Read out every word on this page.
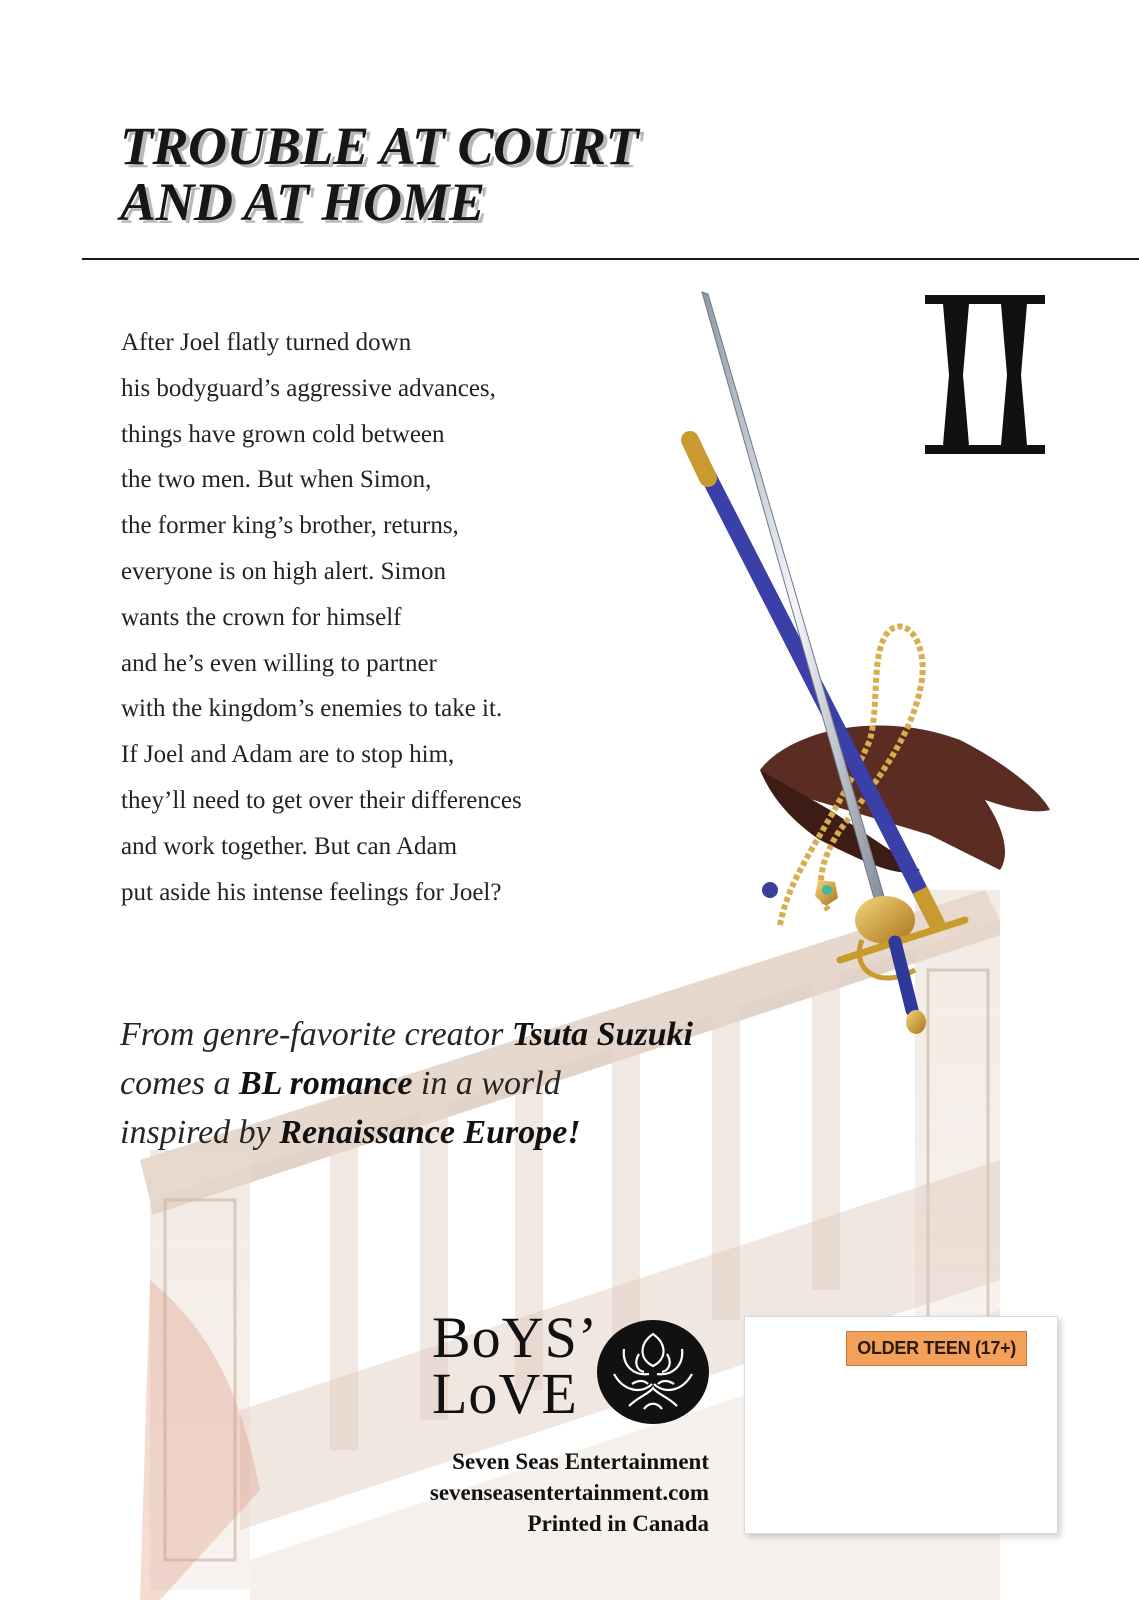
TROUBLE AT COURT
AND AT HOME

After Joel flatly turned down
his bodyguard’s aggressive advances,
things have grown cold between
the two men. But when Simon,
the former king’s brother, returns,
everyone is on high alert. Simon
wants the crown for himself
and he’s even willing to partner
with the kingdom’s enemies to take it.
If Joel and Adam are to stop him,
they’ll need to get over their differences
and work together. But can Adam
put aside his intense feelings for Joel?

From genre-favorite creator Tsuta Suzuki
comes a BL romance in a world
inspired by Renaissance Europe!

BoYS’
LoVE

Seven Seas Entertainment
sevenseasentertainment.com
Printed in Canada

OLDER TEEN (17+)
